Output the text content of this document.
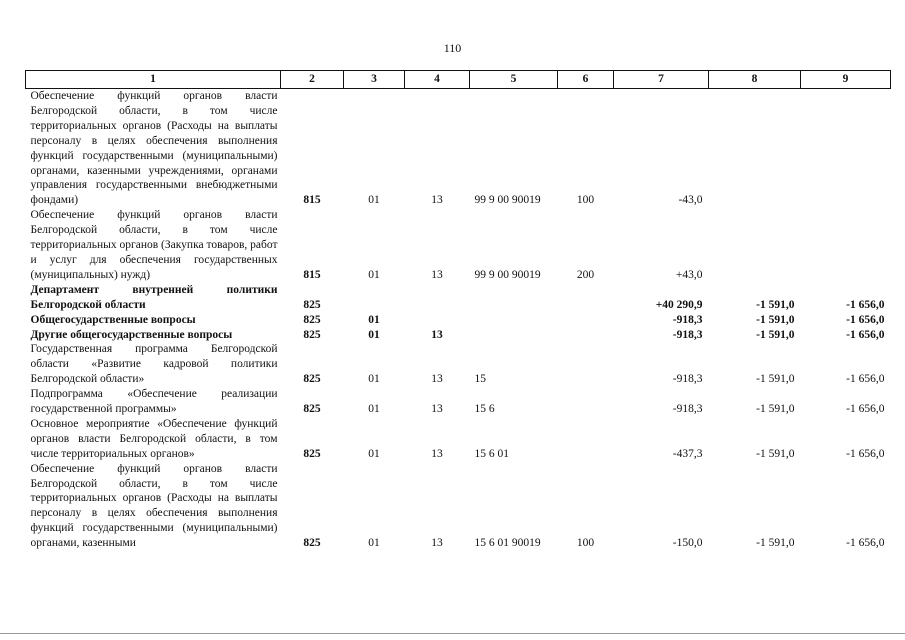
110
1	2	3	4	5	6	7	8	9
Обеспечение функций органов власти Белгородской области, в том числе территориальных органов (Расходы на выплаты персоналу в целях обеспечения выполнения функций государственными (муниципальными) органами, казенными учреждениями, органами управления государственными внебюджетными фондами)	815	01	13	99 9 00 90019	100	-43,0		
Обеспечение функций органов власти Белгородской области, в том числе территориальных органов (Закупка товаров, работ и услуг для обеспечения государственных (муниципальных) нужд)	815	01	13	99 9 00 90019	200	+43,0		
Департамент внутренней политики Белгородской области	825					+40 290,9	-1 591,0	-1 656,0
Общегосударственные вопросы	825	01				-918,3	-1 591,0	-1 656,0
Другие общегосударственные вопросы	825	01	13			-918,3	-1 591,0	-1 656,0
Государственная программа Белгородской области «Развитие кадровой политики Белгородской области»	825	01	13	15		-918,3	-1 591,0	-1 656,0
Подпрограмма «Обеспечение реализации государственной программы»	825	01	13	15 6		-918,3	-1 591,0	-1 656,0
Основное мероприятие «Обеспечение функций органов власти Белгородской области, в том числе территориальных органов»	825	01	13	15 6 01		-437,3	-1 591,0	-1 656,0
Обеспечение функций органов власти Белгородской области, в том числе территориальных органов (Расходы на выплаты персоналу в целях обеспечения выполнения функций государственными (муниципальными) органами, казенными	825	01	13	15 6 01 90019	100	-150,0	-1 591,0	-1 656,0
